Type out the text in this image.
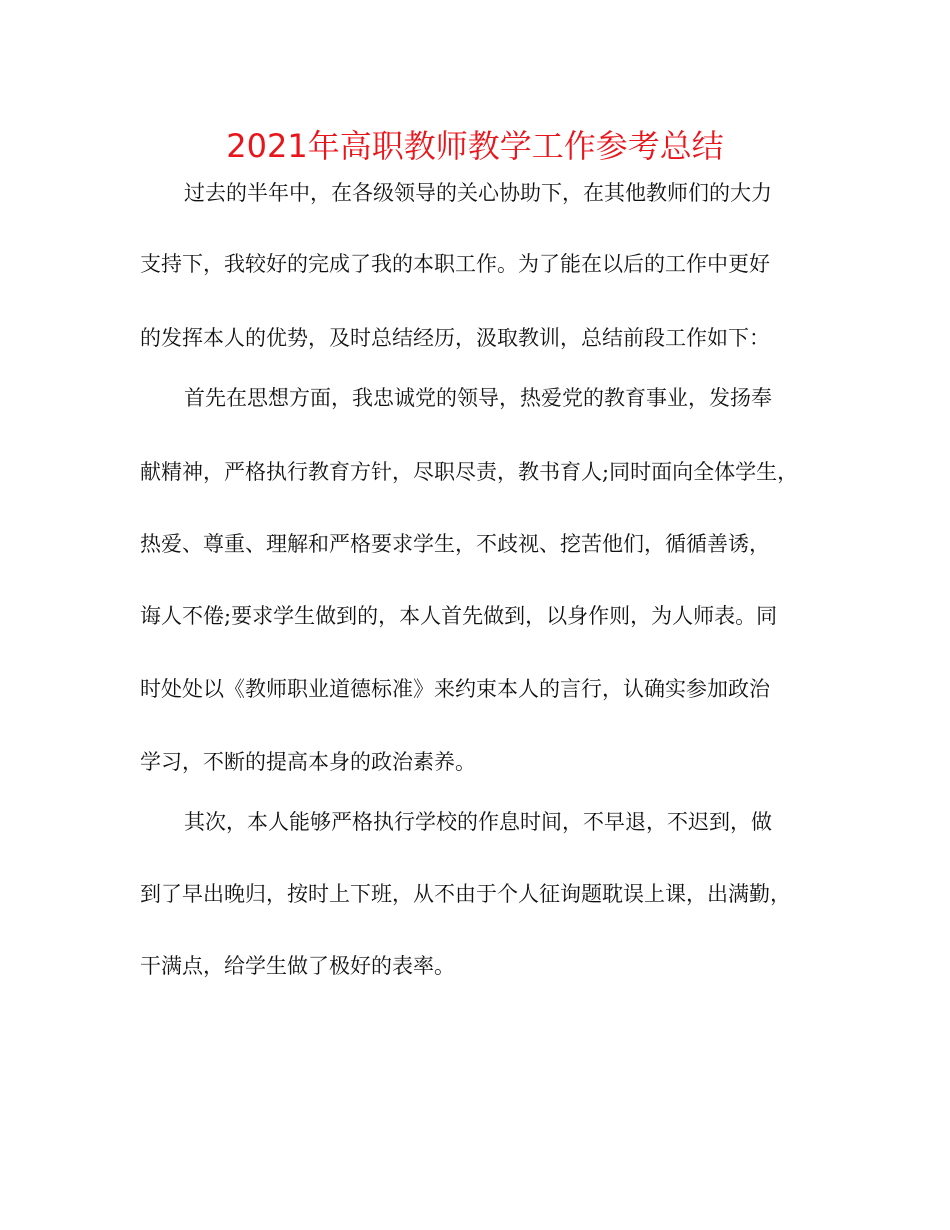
2021年高职教师教学工作参考总结
过去的半年中，在各级领导的关心协助下，在其他教师们的大力
支持下，我较好的完成了我的本职工作。为了能在以后的工作中更好
的发挥本人的优势，及时总结经历，汲取教训，总结前段工作如下：
首先在思想方面，我忠诚党的领导，热爱党的教育事业，发扬奉
献精神，严格执行教育方针，尽职尽责，教书育人;同时面向全体学生，
热爱、尊重、理解和严格要求学生，不歧视、挖苦他们，循循善诱，
诲人不倦;要求学生做到的，本人首先做到，以身作则，为人师表。同
时处处以《教师职业道德标准》来约束本人的言行，认确实参加政治
学习，不断的提高本身的政治素养。
其次，本人能够严格执行学校的作息时间，不早退，不迟到，做
到了早出晚归，按时上下班，从不由于个人征询题耽误上课，出满勤，
干满点，给学生做了极好的表率。
